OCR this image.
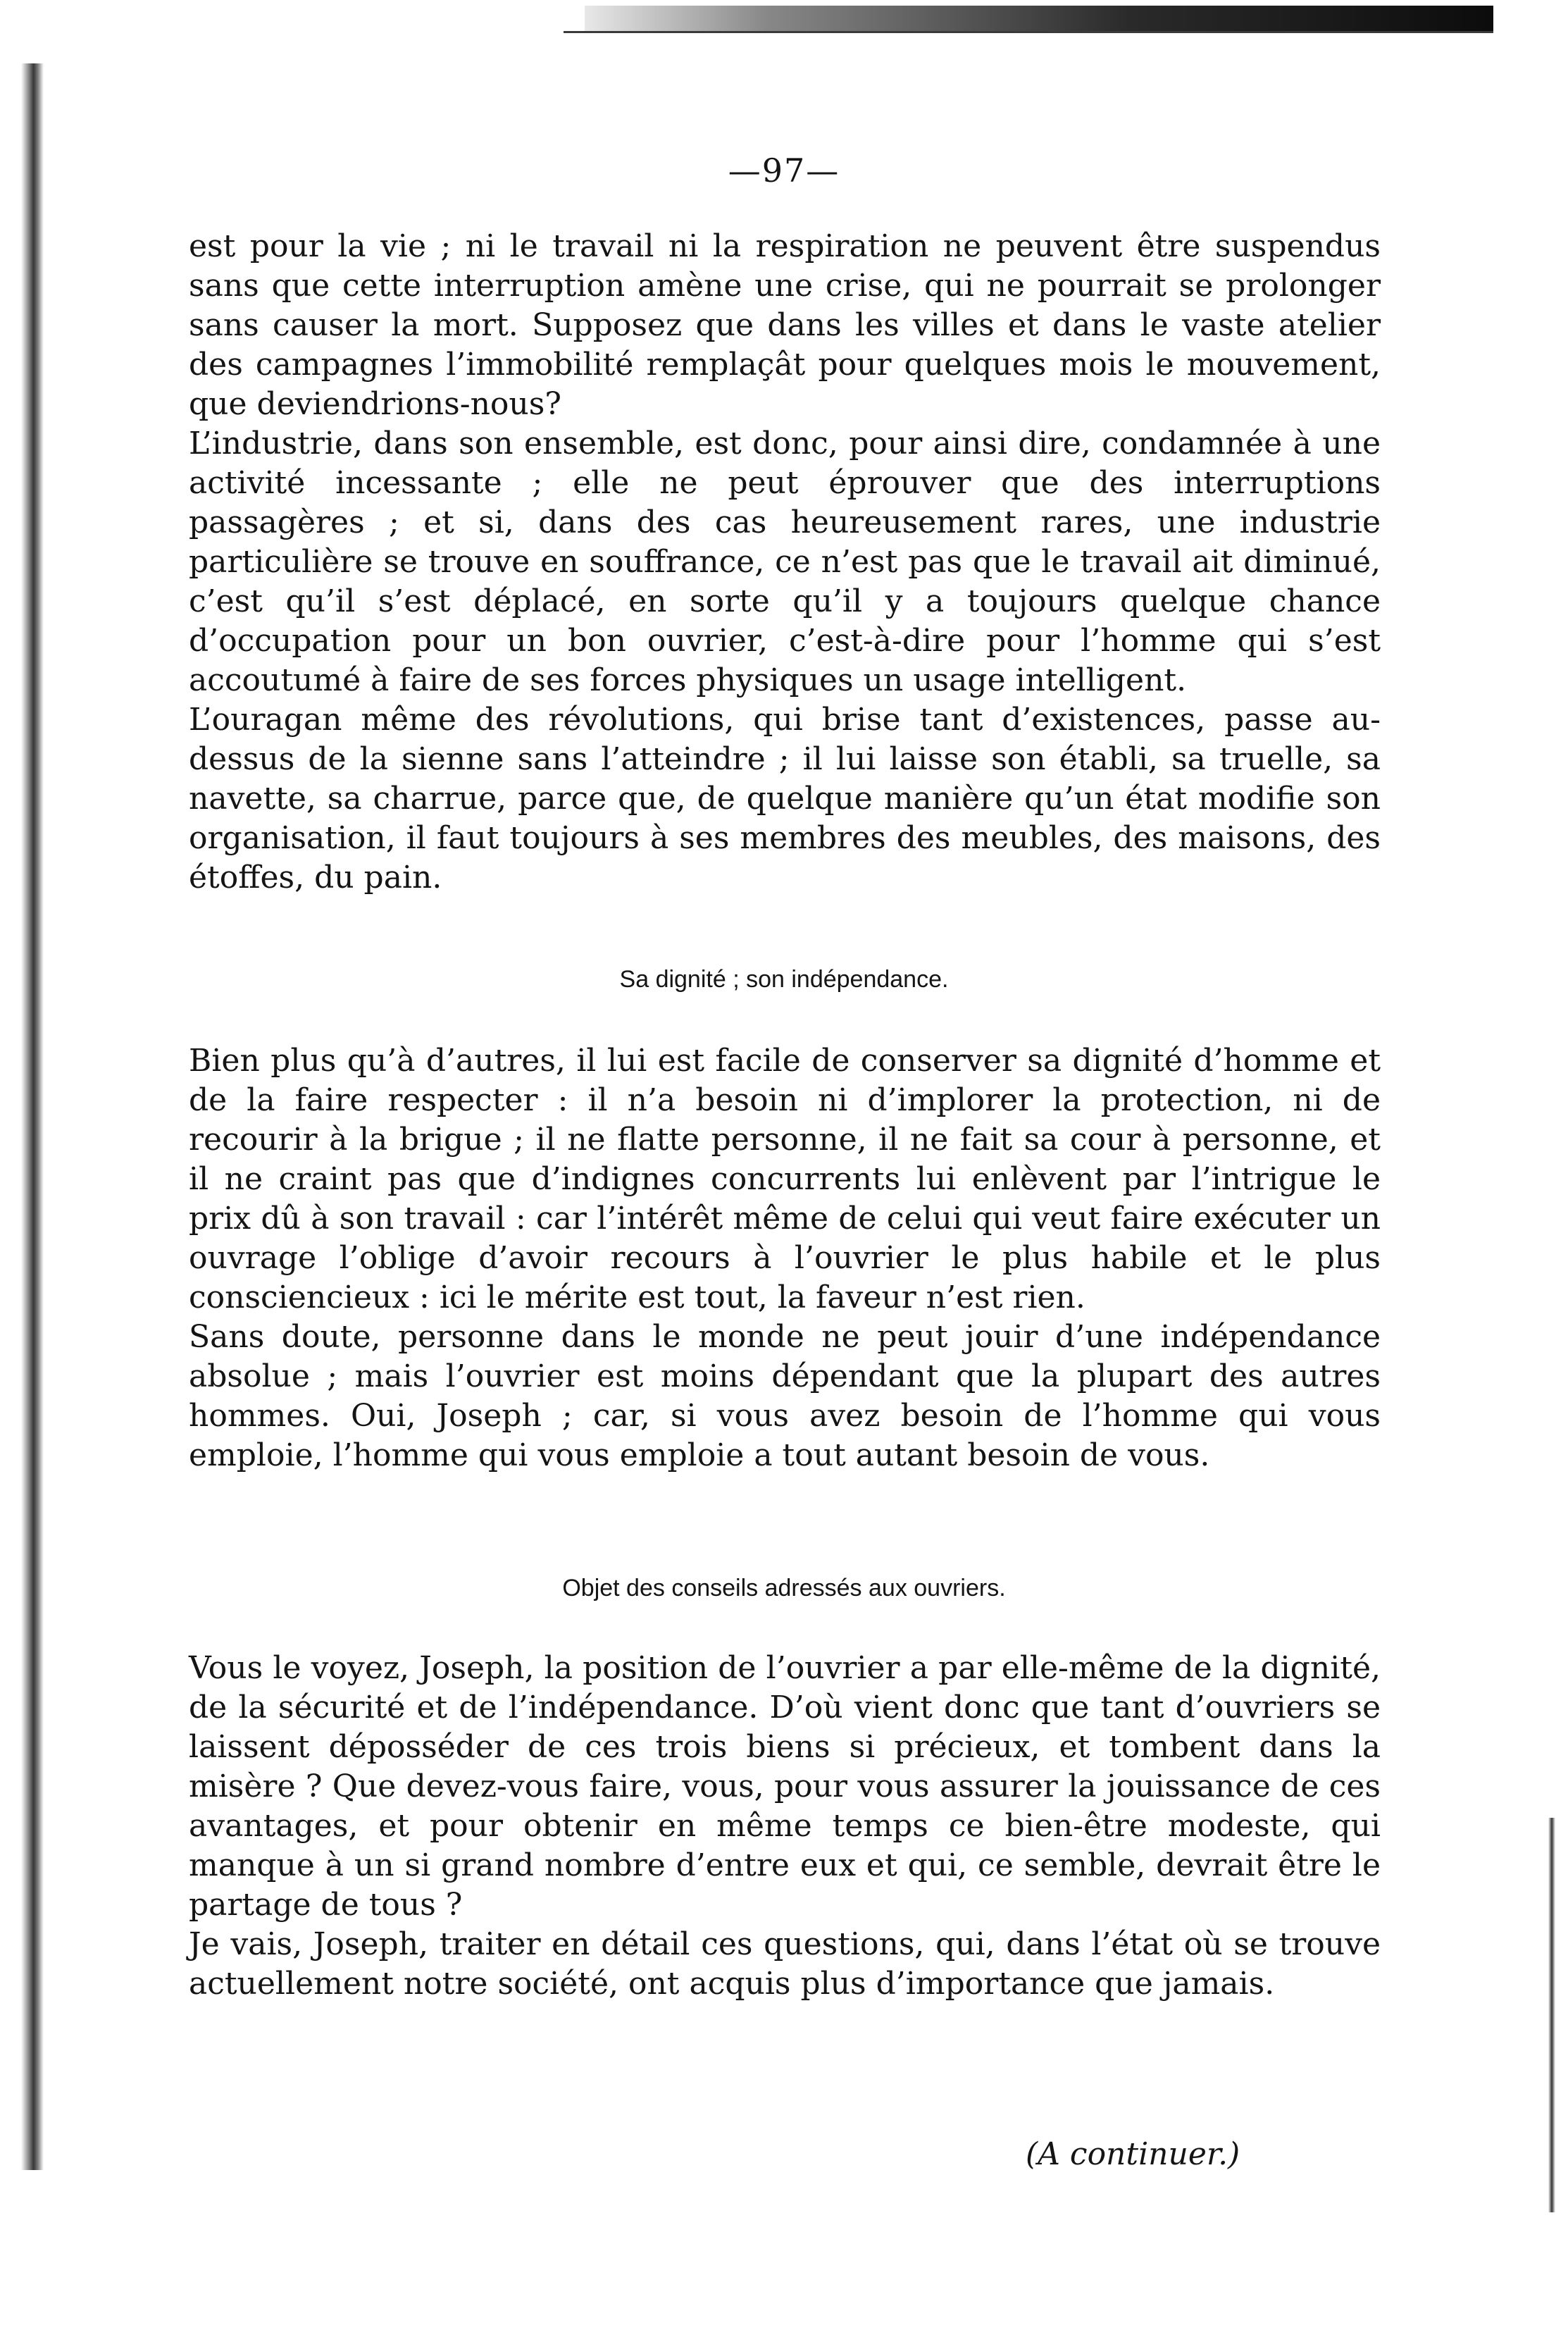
—97—

est pour la vie ; ni le travail ni la respiration ne peuvent être suspendus sans que cette interruption amène une crise, qui ne pourrait se prolonger sans causer la mort. Supposez que dans les villes et dans le vaste atelier des campagnes l’immobilité remplaçât pour quelques mois le mouvement, que deviendrions-nous?

L’industrie, dans son ensemble, est donc, pour ainsi dire, condamnée à une activité incessante ; elle ne peut éprouver que des interruptions passagères ; et si, dans des cas heureusement rares, une industrie particulière se trouve en souffrance, ce n’est pas que le travail ait diminué, c’est qu’il s’est déplacé, en sorte qu’il y a toujours quelque chance d’occupation pour un bon ouvrier, c’est-à-dire pour l’homme qui s’est accoutumé à faire de ses forces physiques un usage intelligent.

L’ouragan même des révolutions, qui brise tant d’existences, passe au-dessus de la sienne sans l’atteindre ; il lui laisse son établi, sa truelle, sa navette, sa charrue, parce que, de quelque manière qu’un état modifie son organisation, il faut toujours à ses membres des meubles, des maisons, des étoffes, du pain.

Sa dignité ; son indépendance.

Bien plus qu’à d’autres, il lui est facile de conserver sa dignité d’homme et de la faire respecter : il n’a besoin ni d’implorer la protection, ni de recourir à la brigue ; il ne flatte personne, il ne fait sa cour à personne, et il ne craint pas que d’indignes concurrents lui enlèvent par l’intrigue le prix dû à son travail : car l’intérêt même de celui qui veut faire exécuter un ouvrage l’oblige d’avoir recours à l’ouvrier le plus habile et le plus consciencieux : ici le mérite est tout, la faveur n’est rien.

Sans doute, personne dans le monde ne peut jouir d’une indépendance absolue ; mais l’ouvrier est moins dépendant que la plupart des autres hommes. Oui, Joseph ; car, si vous avez besoin de l’homme qui vous emploie, l’homme qui vous emploie a tout autant besoin de vous.

Objet des conseils adressés aux ouvriers.

Vous le voyez, Joseph, la position de l’ouvrier a par elle-même de la dignité, de la sécurité et de l’indépendance. D’où vient donc que tant d’ouvriers se laissent déposséder de ces trois biens si précieux, et tombent dans la misère ? Que devez-vous faire, vous, pour vous assurer la jouissance de ces avantages, et pour obtenir en même temps ce bien-être modeste, qui manque à un si grand nombre d’entre eux et qui, ce semble, devrait être le partage de tous ?

Je vais, Joseph, traiter en détail ces questions, qui, dans l’état où se trouve actuellement notre société, ont acquis plus d’importance que jamais.

(A continuer.)
